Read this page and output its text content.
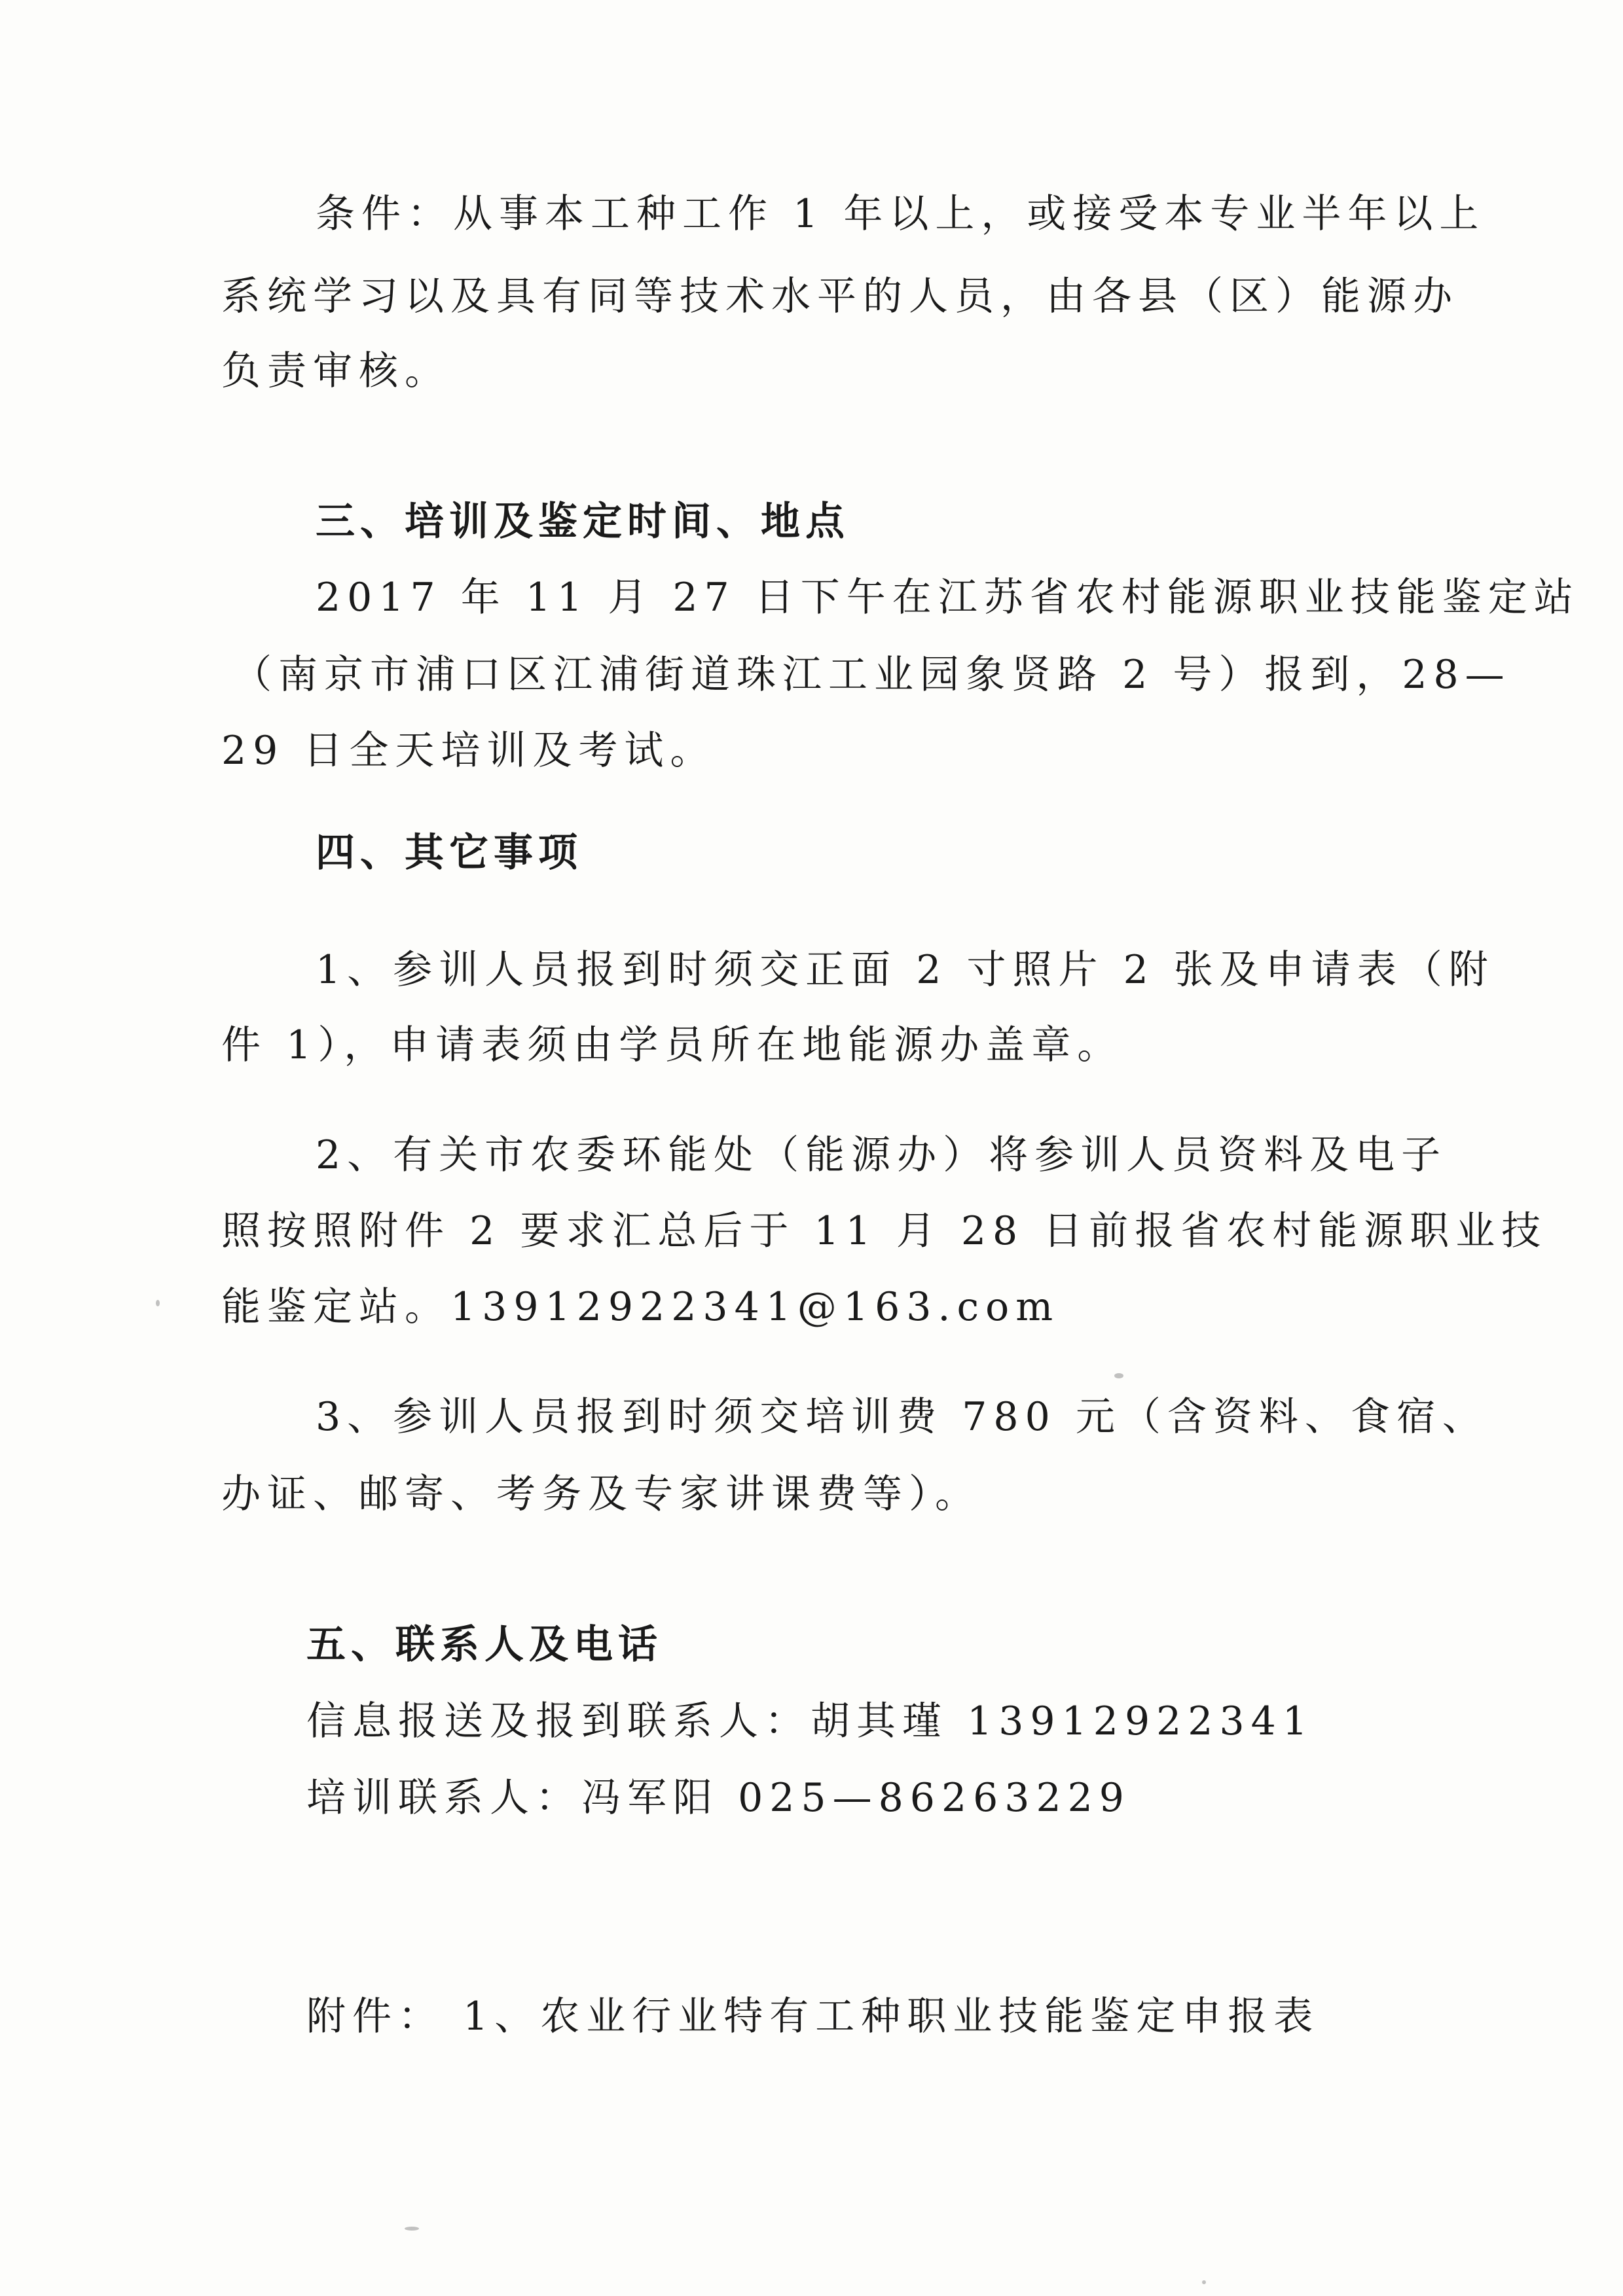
条件：从事本工种工作 1 年以上，或接受本专业半年以上
系统学习以及具有同等技术水平的人员，由各县（区）能源办
负责审核。
三、培训及鉴定时间、地点
2017 年 11 月 27 日下午在江苏省农村能源职业技能鉴定站
（南京市浦口区江浦街道珠江工业园象贤路 2 号）报到，28—
29 日全天培训及考试。
四、其它事项
1、参训人员报到时须交正面 2 寸照片 2 张及申请表（附
件 1），申请表须由学员所在地能源办盖章。
2、有关市农委环能处（能源办）将参训人员资料及电子
照按照附件 2 要求汇总后于 11 月 28 日前报省农村能源职业技
能鉴定站。13912922341@163.com
3、参训人员报到时须交培训费 780 元（含资料、食宿、
办证、邮寄、考务及专家讲课费等）。
五、联系人及电话
信息报送及报到联系人：胡其瑾 13912922341
培训联系人：冯军阳 025—86263229
附件： 1、农业行业特有工种职业技能鉴定申报表
